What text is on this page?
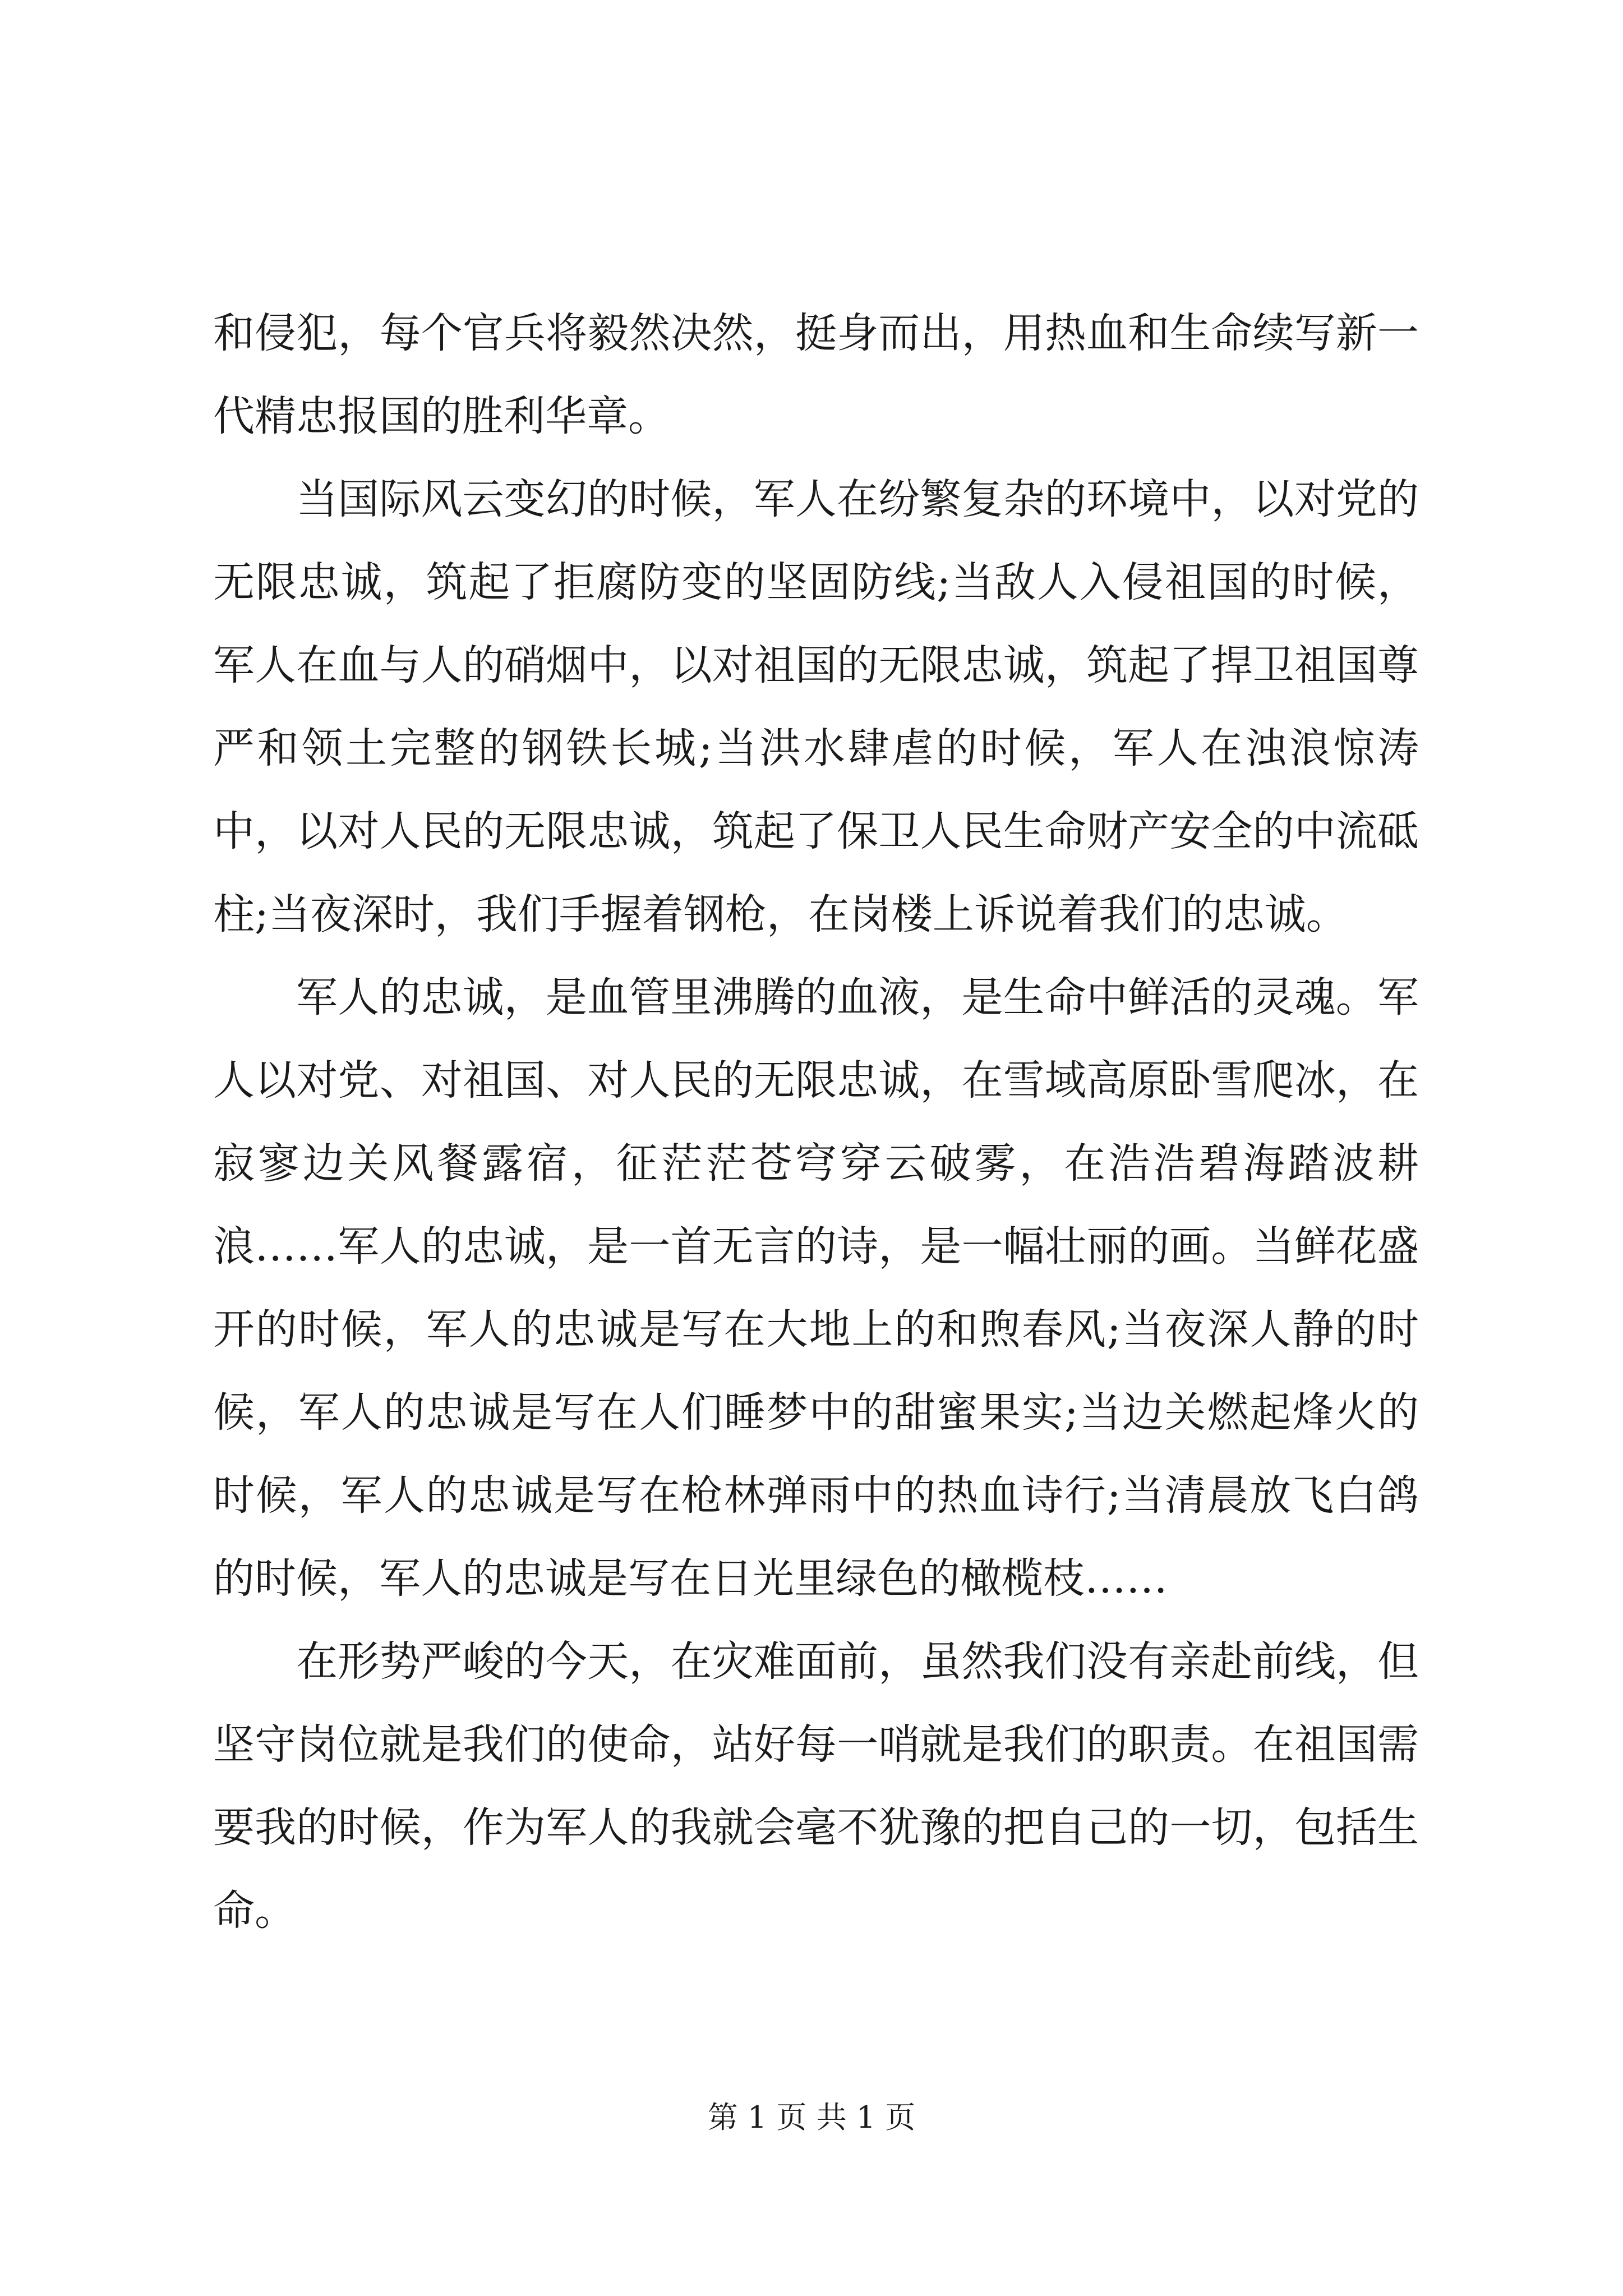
和侵犯，每个官兵将毅然决然，挺身而出，用热血和生命续写新一代精忠报国的胜利华章。

当国际风云变幻的时候，军人在纷繁复杂的环境中，以对党的无限忠诚，筑起了拒腐防变的坚固防线;当敌人入侵祖国的时候，军人在血与人的硝烟中，以对祖国的无限忠诚，筑起了捍卫祖国尊严和领土完整的钢铁长城;当洪水肆虐的时候，军人在浊浪惊涛中，以对人民的无限忠诚，筑起了保卫人民生命财产安全的中流砥柱;当夜深时，我们手握着钢枪，在岗楼上诉说着我们的忠诚。

军人的忠诚，是血管里沸腾的血液，是生命中鲜活的灵魂。军人以对党、对祖国、对人民的无限忠诚，在雪域高原卧雪爬冰，在寂寥边关风餐露宿，征茫茫苍穹穿云破雾，在浩浩碧海踏波耕浪……军人的忠诚，是一首无言的诗，是一幅壮丽的画。当鲜花盛开的时候，军人的忠诚是写在大地上的和煦春风;当夜深人静的时候，军人的忠诚是写在人们睡梦中的甜蜜果实;当边关燃起烽火的时候，军人的忠诚是写在枪林弹雨中的热血诗行;当清晨放飞白鸽的时候，军人的忠诚是写在日光里绿色的橄榄枝……

在形势严峻的今天，在灾难面前，虽然我们没有亲赴前线，但坚守岗位就是我们的使命，站好每一哨就是我们的职责。在祖国需要我的时候，作为军人的我就会毫不犹豫的把自己的一切，包括生命。

第 1 页 共 1 页
